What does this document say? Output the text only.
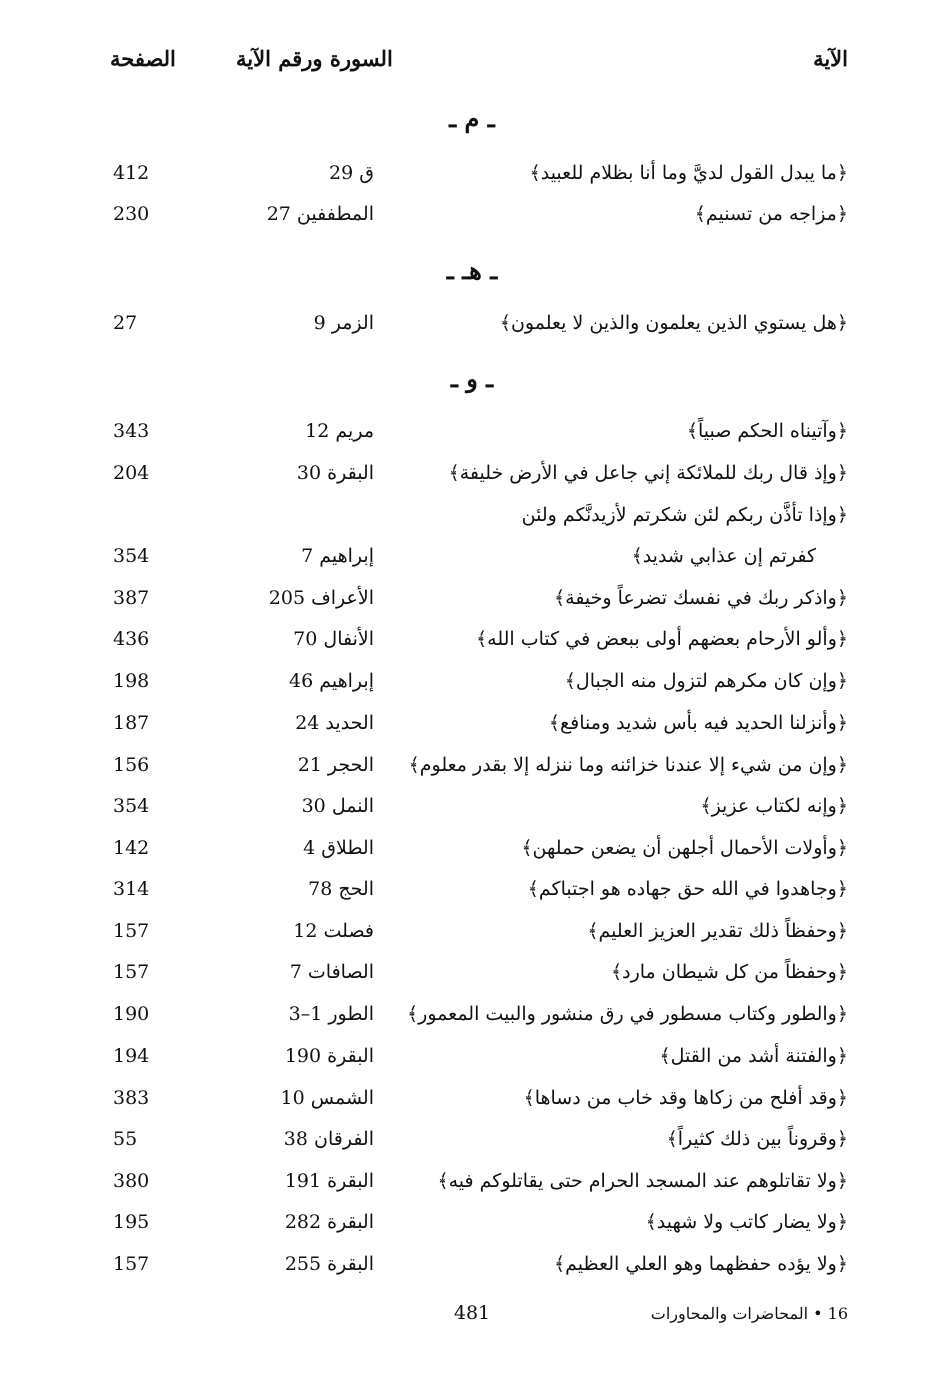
الآية
السورة ورقم الآية
الصفحة
ـ م ـ
﴿ما يبدل القول لديَّ وما أنا بظلام للعبيد﴾
ق 29
412
﴿مزاجه من تسنيم﴾
المطففين 27
230
ـ هـ ـ
﴿هل يستوي الذين يعلمون والذين لا يعلمون﴾
الزمر 9
27
ـ و ـ
﴿وآتيناه الحكم صبياً﴾
مريم 12
343
﴿وإذ قال ربك للملائكة إني جاعل في الأرض خليفة﴾
البقرة 30
204
﴿وإذا تأذَّن ربكم لئن شكرتم لأزيدنَّكم ولئن
كفرتم إن عذابي شديد﴾
إبراهيم 7
354
﴿واذكر ربك في نفسك تضرعاً وخيفة﴾
الأعراف 205
387
﴿وألو الأرحام بعضهم أولى ببعض في كتاب الله﴾
الأنفال 70
436
﴿وإن كان مكرهم لتزول منه الجبال﴾
إبراهيم 46
198
﴿وأنزلنا الحديد فيه بأس شديد ومنافع﴾
الحديد 24
187
﴿وإن من شيء إلا عندنا خزائنه وما ننزله إلا بقدر معلوم﴾
الحجر 21
156
﴿وإنه لكتاب عزيز﴾
النمل 30
354
﴿وأولات الأحمال أجلهن أن يضعن حملهن﴾
الطلاق 4
142
﴿وجاهدوا في الله حق جهاده هو اجتباكم﴾
الحج 78
314
﴿وحفظاً ذلك تقدير العزيز العليم﴾
فصلت 12
157
﴿وحفظاً من كل شيطان مارد﴾
الصافات 7
157
﴿والطور وكتاب مسطور في رق منشور والبيت المعمور﴾
الطور 1–3
190
﴿والفتنة أشد من القتل﴾
البقرة 190
194
﴿وقد أفلح من زكاها وقد خاب من دساها﴾
الشمس 10
383
﴿وقروناً بين ذلك كثيراً﴾
الفرقان 38
55
﴿ولا تقاتلوهم عند المسجد الحرام حتى يقاتلوكم فيه﴾
البقرة 191
380
﴿ولا يضار كاتب ولا شهيد﴾
البقرة 282
195
﴿ولا يؤده حفظهما وهو العلي العظيم﴾
البقرة 255
157
481	16 • المحاضرات والمحاورات
